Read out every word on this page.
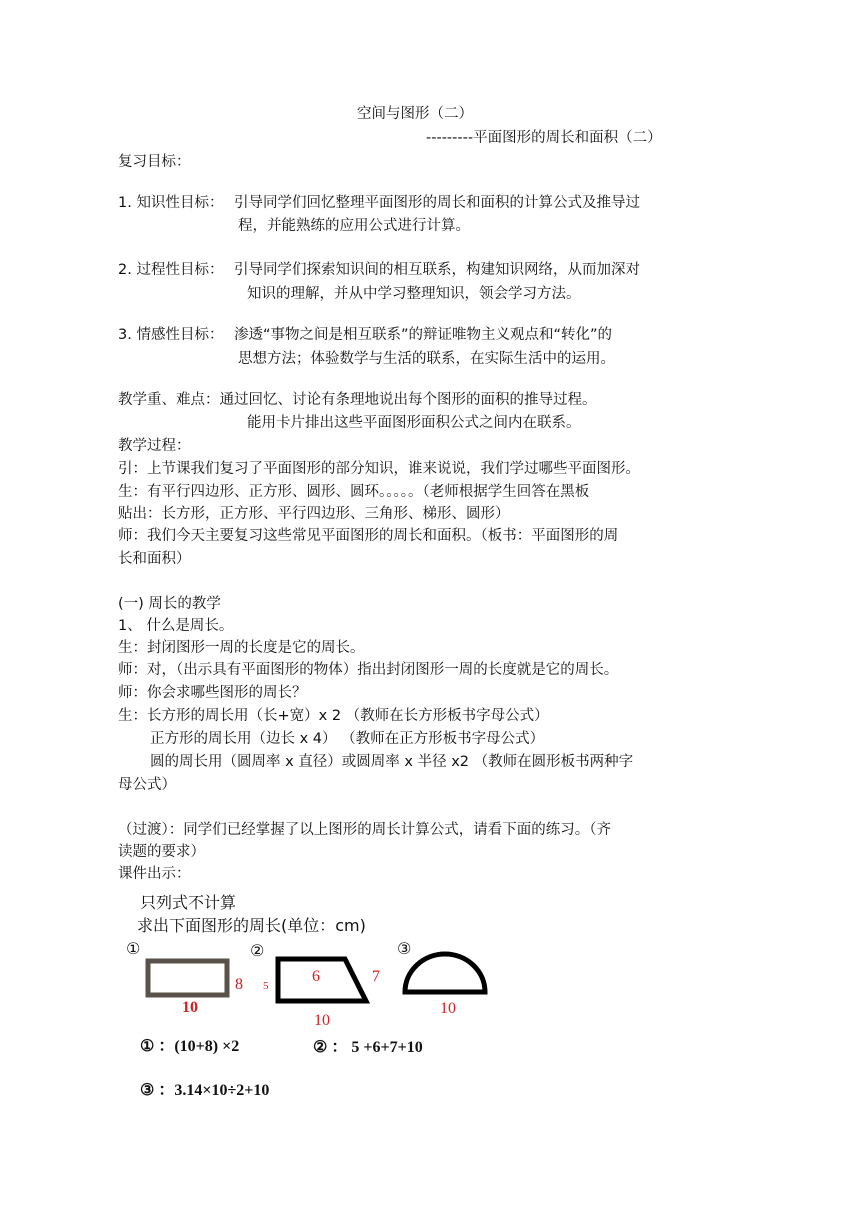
空间与图形（二）
---------平面图形的周长和面积（二）
复习目标：
1. 知识性目标： 引导同学们回忆整理平面图形的周长和面积的计算公式及推导过
程，并能熟练的应用公式进行计算。
2. 过程性目标： 引导同学们探索知识间的相互联系，构建知识网络，从而加深对
知识的理解，并从中学习整理知识，领会学习方法。
3. 情感性目标： 渗透“事物之间是相互联系”的辩证唯物主义观点和“转化”的
思想方法；体验数学与生活的联系，在实际生活中的运用。
教学重、难点：通过回忆、讨论有条理地说出每个图形的面积的推导过程。
能用卡片排出这些平面图形面积公式之间内在联系。
教学过程：
引：上节课我们复习了平面图形的部分知识，谁来说说，我们学过哪些平面图形。
生：有平行四边形、正方形、圆形、圆环。。。。。（老师根据学生回答在黑板
贴出：长方形，正方形、平行四边形、三角形、梯形、圆形）
师：我们今天主要复习这些常见平面图形的周长和面积。（板书：平面图形的周
长和面积）
(一) 周长的教学
1、 什么是周长。
生：封闭图形一周的长度是它的周长。
师：对，（出示具有平面图形的物体）指出封闭图形一周的长度就是它的周长。
师：你会求哪些图形的周长？
生：长方形的周长用（长+宽）x 2 （教师在长方形板书字母公式）
正方形的周长用（边长 x 4） （教师在正方形板书字母公式）
圆的周长用（圆周率 x 直径）或圆周率 x 半径 x2 （教师在圆形板书两种字
母公式）
（过渡）：同学们已经掌握了以上图形的周长计算公式，请看下面的练习。（齐
读题的要求）
课件出示：
只列式不计算
求出下面图形的周长(单位：cm)
①	②	③
8
10
5
6	7
10
10
① ：(10+8) ×2	② ： 5 +6+7+10
③ ：3.14×10÷2+10
